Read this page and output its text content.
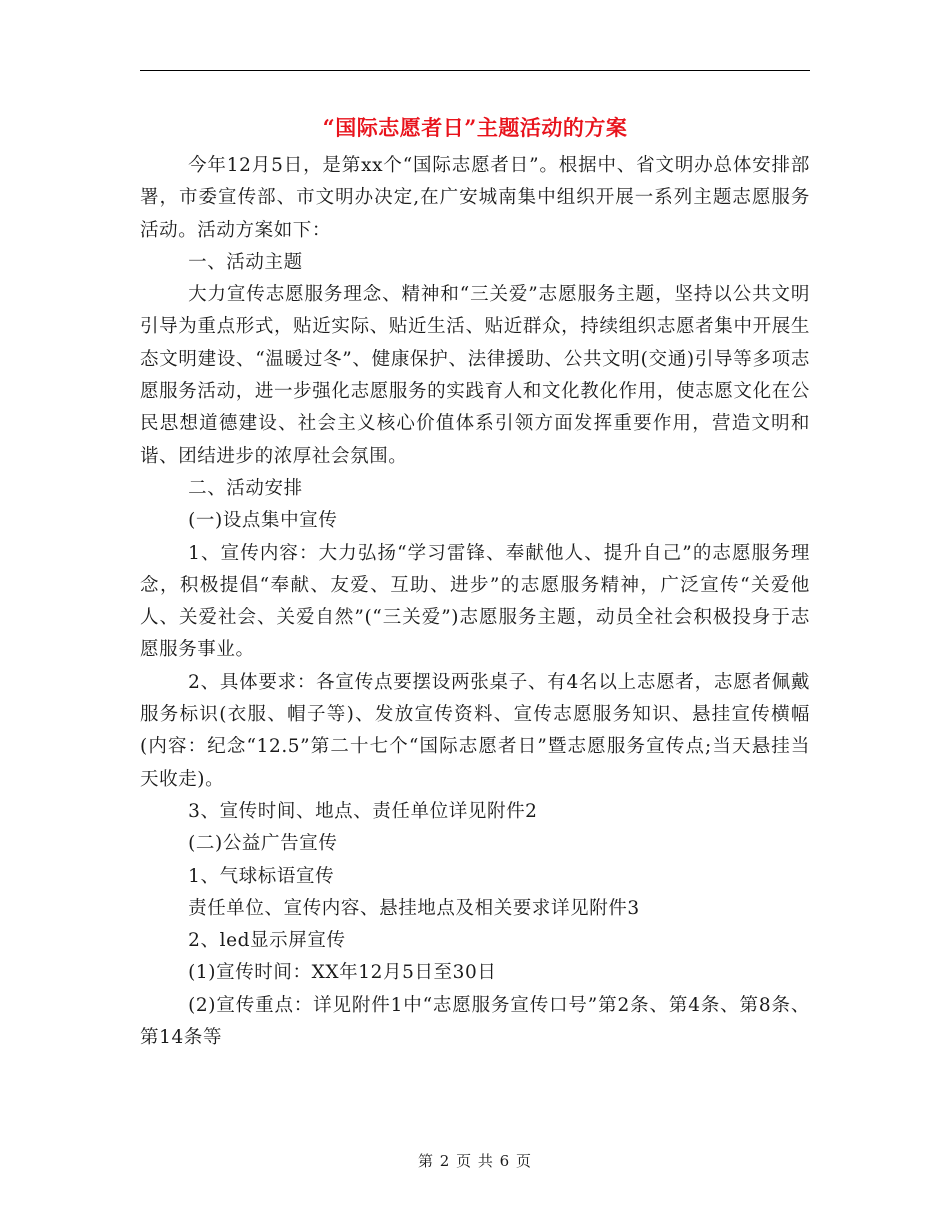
“国际志愿者日”主题活动的方案

今年12月5日，是第xx个“国际志愿者日”。根据中、省文明办总体安排部署，市委宣传部、市文明办决定,在广安城南集中组织开展一系列主题志愿服务活动。活动方案如下：

一、活动主题

大力宣传志愿服务理念、精神和“三关爱”志愿服务主题，坚持以公共文明引导为重点形式，贴近实际、贴近生活、贴近群众，持续组织志愿者集中开展生态文明建设、“温暖过冬”、健康保护、法律援助、公共文明(交通)引导等多项志愿服务活动，进一步强化志愿服务的实践育人和文化教化作用，使志愿文化在公民思想道德建设、社会主义核心价值体系引领方面发挥重要作用，营造文明和谐、团结进步的浓厚社会氛围。

二、活动安排

(一)设点集中宣传

1、宣传内容：大力弘扬“学习雷锋、奉献他人、提升自己”的志愿服务理念，积极提倡“奉献、友爱、互助、进步”的志愿服务精神，广泛宣传“关爱他人、关爱社会、关爱自然”(“三关爱”)志愿服务主题，动员全社会积极投身于志愿服务事业。

2、具体要求：各宣传点要摆设两张桌子、有4名以上志愿者，志愿者佩戴服务标识(衣服、帽子等)、发放宣传资料、宣传志愿服务知识、悬挂宣传横幅(内容：纪念“12.5”第二十七个“国际志愿者日”暨志愿服务宣传点;当天悬挂当天收走)。

3、宣传时间、地点、责任单位详见附件2

(二)公益广告宣传

1、气球标语宣传

责任单位、宣传内容、悬挂地点及相关要求详见附件3

2、led显示屏宣传

(1)宣传时间：XX年12月5日至30日

(2)宣传重点：详见附件1中“志愿服务宣传口号”第2条、第4条、第8条、第14条等

第 2 页 共 6 页
